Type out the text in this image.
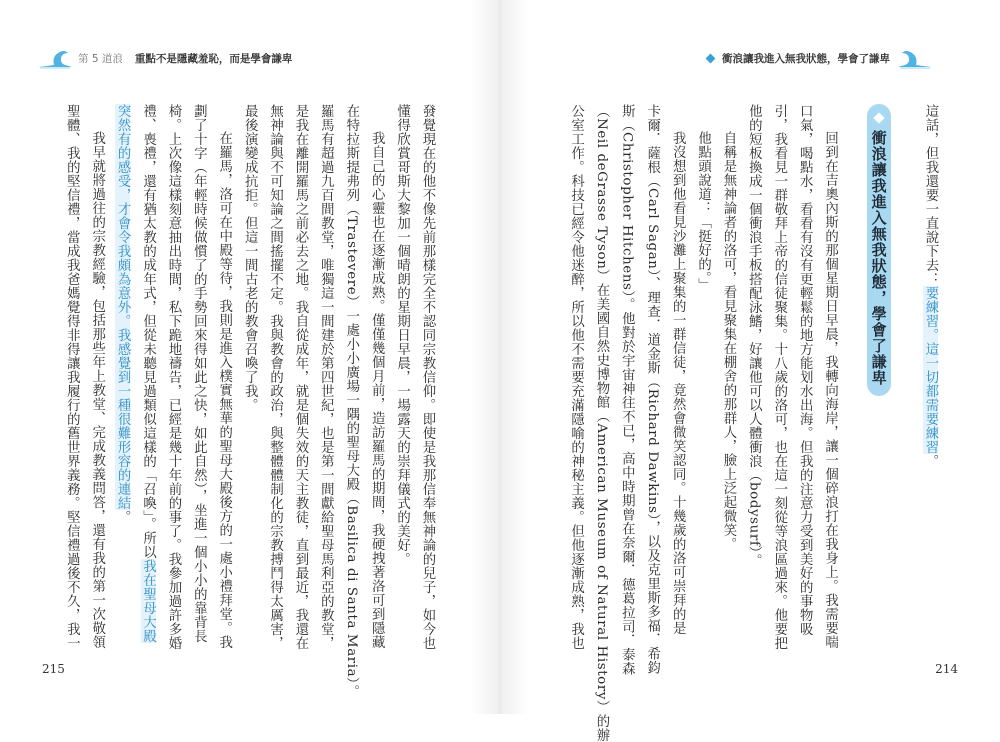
第 5 道浪 重點不是隱藏羞恥，而是學會謙卑	衝浪讓我進入無我狀態，學會了謙卑
這話，但我還要一直說下去：要練習。這一切都需要練習。
衝浪讓我進入無我狀態，學會了謙卑
回到在吉奧內斯的那個星期日早晨，我轉向海岸，讓一個碎浪打在我身上。我需要喘
口氣，喝點水，看看有沒有更輕鬆的地方能划水出海。但我的注意力受到美好的事物吸
引，我看見一群敬拜上帝的信徒聚集。十八歲的洛可，也在這一刻從等浪區過來。他要把
他的短板換成一個衝浪手板搭配泳鰭，好讓他可以人體衝浪（bodysurf）。
自稱是無神論者的洛可，看見聚集在棚舍的那群人，臉上泛起微笑。
他點頭說道：「挺好的。」
我沒想到他看見沙灘上聚集的一群信徒，竟然會微笑認同。十幾歲的洛可崇拜的是
卡爾．薩根（Carl Sagan）、理查．道金斯（Richard Dawkins），以及克里斯多福．希鈞
斯（Christopher Hitchens）。他對於宇宙神往不已，高中時期曾在奈爾．德葛拉司．泰森
（Neil deGrasse Tyson）在美國自然史博物館（American Museum of Natural History）的辦
公室工作。科技已經令他迷醉，所以他不需要充滿隱喻的神秘主義。但他逐漸成熟，我也
發覺現在的他不像先前那樣完全不認同宗教信仰。即使是我那信奉無神論的兒子，如今也
懂得欣賞哥斯大黎加一個晴朗的星期日早晨，一場露天的崇拜儀式的美好。
我自己的心靈也在逐漸成熟。僅僅幾個月前，造訪羅馬的期間，我硬拽著洛可到隱藏
在特拉斯提弗列（Trastevere）一處小小廣場一隅的聖母大殿（Basilica di Santa Maria）。
羅馬有超過九百間教堂，唯獨這一間建於第四世紀，也是第一間獻給聖母馬利亞的教堂，
是我在離開羅馬之前必去之地。我自從成年，就是個失效的天主教徒，直到最近，我還在
無神論與不可知論之間搖擺不定。我與教會的政治，與整體體制化的宗教搏鬥得太厲害，
最後演變成抗拒。但這一間古老的教會召喚了我。
在羅馬，洛可在中殿等待，我則是進入樸實無華的聖母大殿後方的一處小禮拜堂。我
劃了十字（年輕時候做慣了的手勢回來得如此之快，如此自然），坐進一個小小的靠背長
椅。上次像這樣刻意抽出時間，私下跪地禱告，已經是幾十年前的事了。我參加過許多婚
禮、喪禮，還有猶太教的成年式，但從未聽見過類似這樣的「召喚」。所以我在聖母大殿
突然有的感受，才會令我頗為意外。我感覺到一種很難形容的連結。
我早就將過往的宗教經驗，包括那些年上教堂、完成教義問答，還有我的第一次敬領
聖體、我的堅信禮，當成我爸媽覺得非得讓我履行的舊世界義務。堅信禮過後不久，我一
215	214
